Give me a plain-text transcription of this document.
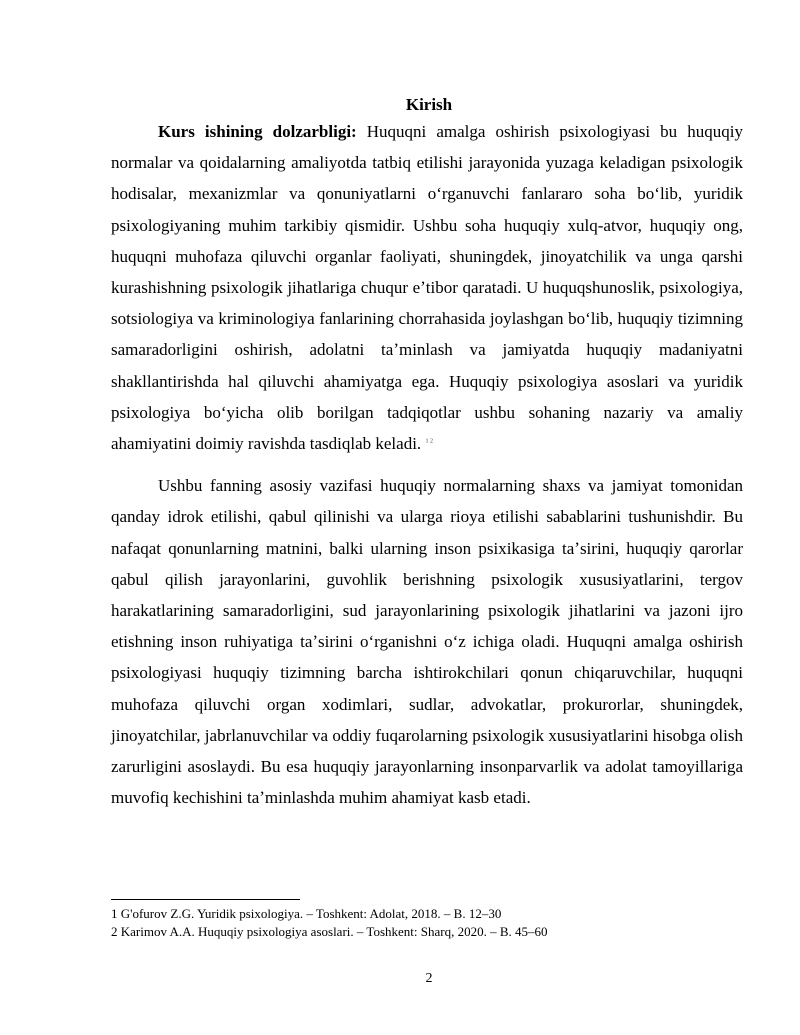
Kirish

Kurs ishining dolzarbligi: Huquqni amalga oshirish psixologiyasi bu huquqiy normalar va qoidalarning amaliyotda tatbiq etilishi jarayonida yuzaga keladigan psixologik hodisalar, mexanizmlar va qonuniyatlarni oʻrganuvchi fanlararo soha boʻlib, yuridik psixologiyaning muhim tarkibiy qismidir. Ushbu soha huquqiy xulq-atvor, huquqiy ong, huquqni muhofaza qiluvchi organlar faoliyati, shuningdek, jinoyatchilik va unga qarshi kurashishning psixologik jihatlariga chuqur eʼtibor qaratadi. U huquqshunoslik, psixologiya, sotsiologiya va kriminologiya fanlarining chorrahasida joylashgan boʻlib, huquqiy tizimning samaradorligini oshirish, adolatni taʼminlash va jamiyatda huquqiy madaniyatni shakllantirishda hal qiluvchi ahamiyatga ega. Huquqiy psixologiya asoslari va yuridik psixologiya boʻyicha olib borilgan tadqiqotlar ushbu sohaning nazariy va amaliy ahamiyatini doimiy ravishda tasdiqlab keladi. $^{1 2}$

Ushbu fanning asosiy vazifasi huquqiy normalarning shaxs va jamiyat tomonidan qanday idrok etilishi, qabul qilinishi va ularga rioya etilishi sabablarini tushunishdir. Bu nafaqat qonunlarning matnini, balki ularning inson psixikasiga taʼsirini, huquqiy qarorlar qabul qilish jarayonlarini, guvohlik berishning psixologik xususiyatlarini, tergov harakatlarining samaradorligini, sud jarayonlarining psixologik jihatlarini va jazoni ijro etishning inson ruhiyatiga taʼsirini oʻrganishni oʻz ichiga oladi. Huquqni amalga oshirish psixologiyasi huquqiy tizimning barcha ishtirokchilari qonun chiqaruvchilar, huquqni muhofaza qiluvchi organ xodimlari, sudlar, advokatlar, prokurorlar, shuningdek, jinoyatchilar, jabrlanuvchilar va oddiy fuqarolarning psixologik xususiyatlarini hisobga olish zarurligini asoslaydi. Bu esa huquqiy jarayonlarning insonparvarlik va adolat tamoyillariga muvofiq kechishini taʼminlashda muhim ahamiyat kasb etadi.

1 G'ofurov Z.G. Yuridik psixologiya. – Toshkent: Adolat, 2018. – B. 12–30

2 Karimov A.A. Huquqiy psixologiya asoslari. – Toshkent: Sharq, 2020. – B. 45–60

2
